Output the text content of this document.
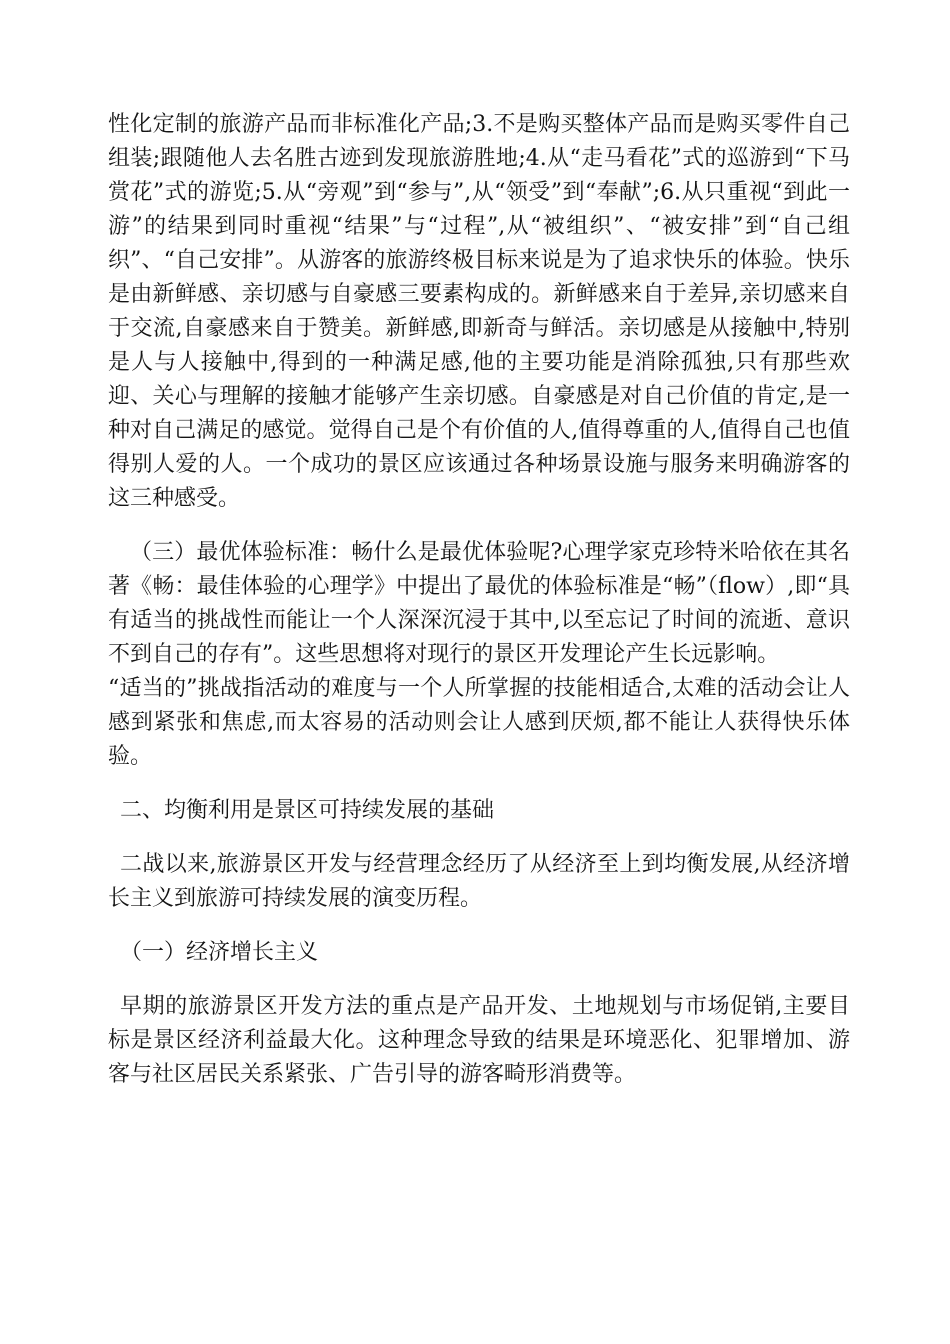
性化定制的旅游产品而非标准化产品;3.不是购买整体产品而是购买零件自己组装;跟随他人去名胜古迹到发现旅游胜地;4.从“走马看花”式的巡游到“下马赏花”式的游览;5.从“旁观”到“参与”,从“领受”到“奉献”;6.从只重视“到此一游”的结果到同时重视“结果”与“过程”,从“被组织”、“被安排”到“自己组织”、“自己安排”。从游客的旅游终极目标来说是为了追求快乐的体验。快乐是由新鲜感、亲切感与自豪感三要素构成的。新鲜感来自于差异,亲切感来自于交流,自豪感来自于赞美。新鲜感,即新奇与鲜活。亲切感是从接触中,特别是人与人接触中,得到的一种满足感,他的主要功能是消除孤独,只有那些欢迎、关心与理解的接触才能够产生亲切感。自豪感是对自己价值的肯定,是一种对自己满足的感觉。觉得自己是个有价值的人,值得尊重的人,值得自己也值得别人爱的人。一个成功的景区应该通过各种场景设施与服务来明确游客的这三种感受。

（三）最优体验标准：畅什么是最优体验呢?心理学家克珍特米哈依在其名著《畅：最佳体验的心理学》中提出了最优的体验标准是“畅”（flow）,即“具有适当的挑战性而能让一个人深深沉浸于其中,以至忘记了时间的流逝、意识不到自己的存有”。这些思想将对现行的景区开发理论产生长远影响。

“适当的”挑战指活动的难度与一个人所掌握的技能相适合,太难的活动会让人感到紧张和焦虑,而太容易的活动则会让人感到厌烦,都不能让人获得快乐体验。

二、均衡利用是景区可持续发展的基础

二战以来,旅游景区开发与经营理念经历了从经济至上到均衡发展,从经济增长主义到旅游可持续发展的演变历程。

（一）经济增长主义

早期的旅游景区开发方法的重点是产品开发、土地规划与市场促销,主要目标是景区经济利益最大化。这种理念导致的结果是环境恶化、犯罪增加、游客与社区居民关系紧张、广告引导的游客畸形消费等。
